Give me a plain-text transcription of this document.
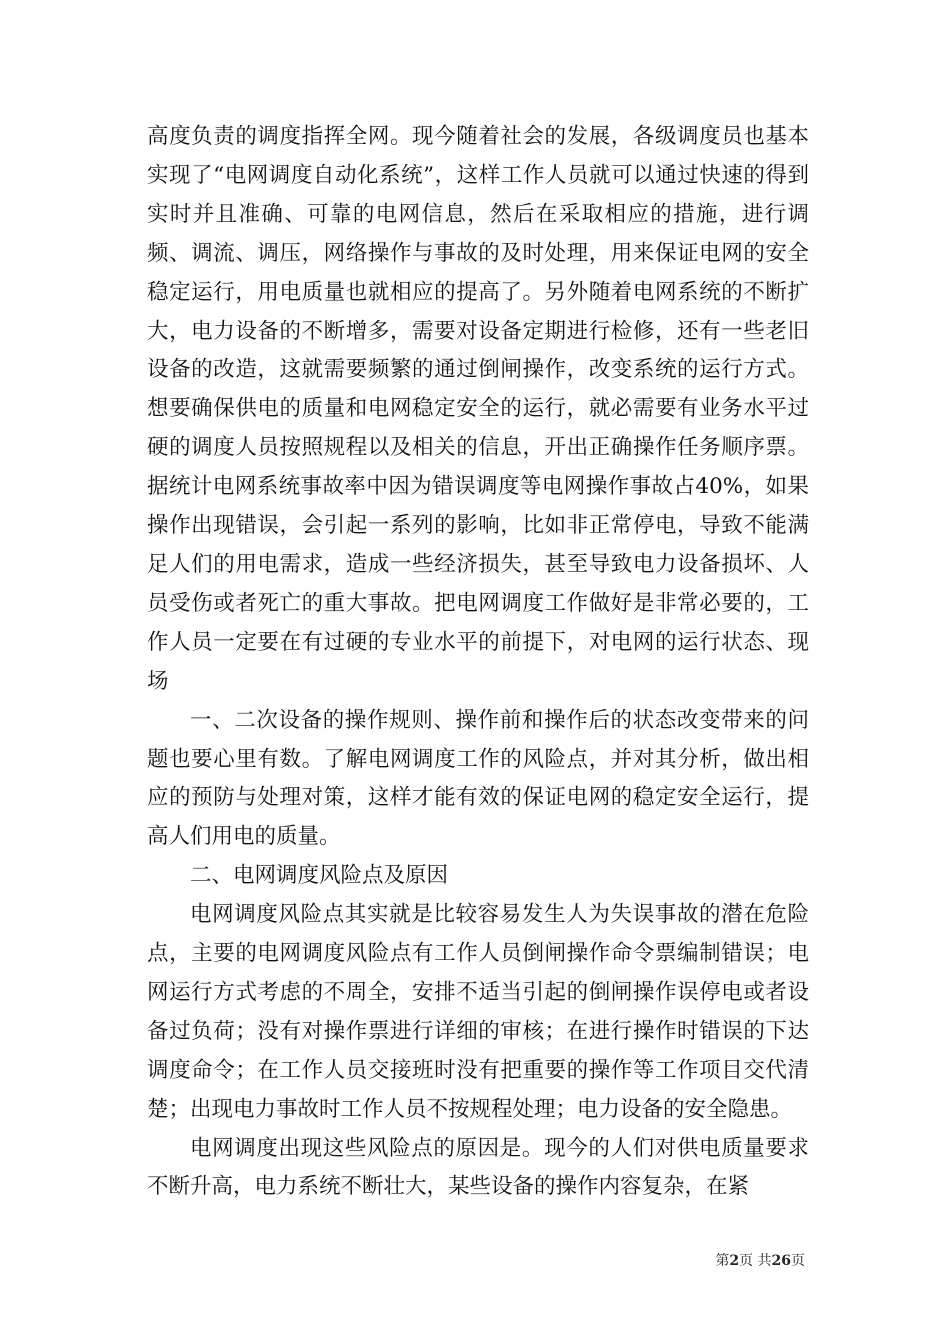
高度负责的调度指挥全网。现今随着社会的发展，各级调度员也基本实现了“电网调度自动化系统”，这样工作人员就可以通过快速的得到实时并且准确、可靠的电网信息，然后在采取相应的措施，进行调频、调流、调压，网络操作与事故的及时处理，用来保证电网的安全稳定运行，用电质量也就相应的提高了。另外随着电网系统的不断扩大，电力设备的不断增多，需要对设备定期进行检修，还有一些老旧设备的改造，这就需要频繁的通过倒闸操作，改变系统的运行方式。想要确保供电的质量和电网稳定安全的运行，就必需要有业务水平过硬的调度人员按照规程以及相关的信息，开出正确操作任务顺序票。据统计电网系统事故率中因为错误调度等电网操作事故占40%，如果操作出现错误，会引起一系列的影响，比如非正常停电，导致不能满足人们的用电需求，造成一些经济损失，甚至导致电力设备损坏、人员受伤或者死亡的重大事故。把电网调度工作做好是非常必要的，工作人员一定要在有过硬的专业水平的前提下，对电网的运行状态、现场

一、二次设备的操作规则、操作前和操作后的状态改变带来的问题也要心里有数。了解电网调度工作的风险点，并对其分析，做出相应的预防与处理对策，这样才能有效的保证电网的稳定安全运行，提高人们用电的质量。

二、电网调度风险点及原因

电网调度风险点其实就是比较容易发生人为失误事故的潜在危险点，主要的电网调度风险点有工作人员倒闸操作命令票编制错误；电网运行方式考虑的不周全，安排不适当引起的倒闸操作误停电或者设备过负荷；没有对操作票进行详细的审核；在进行操作时错误的下达调度命令；在工作人员交接班时没有把重要的操作等工作项目交代清楚；出现电力事故时工作人员不按规程处理；电力设备的安全隐患。

电网调度出现这些风险点的原因是。现今的人们对供电质量要求不断升高，电力系统不断壮大，某些设备的操作内容复杂，在紧

第2页 共26页
